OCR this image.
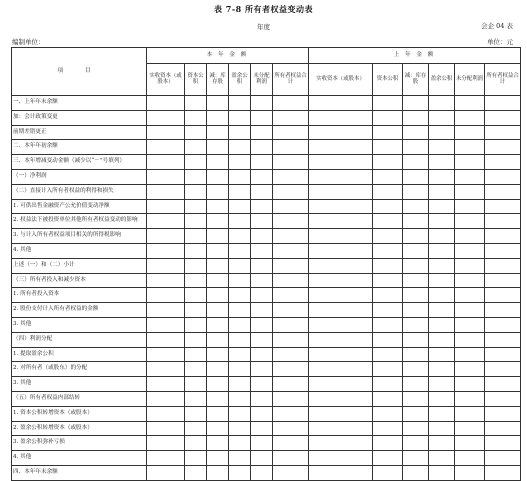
表 7-8 所有者权益变动表
年度	会企 04 表
编制单位：	单位：元
项 目	本 年 金 额						上 年 金 额					
	实收资本（或股本）	资本公积	减：库存股	盈余公积	未分配利润	所有者权益合计	实收资本（或股本）	资本公积	减：库存股	盈余公积	未分配利润	所有者权益合计
一、上年年末余额												
加：会计政策变更												
前期差错更正												
二、本年年初余额												
三、本年增减变动金额（减少以“－”号填列）												
（一）净利润												
（二）直接计入所有者权益的利得和损失												
1. 可供出售金融资产公允价值变动净额												
2. 权益法下被投资单位其他所有者权益变动的影响												
3. 与计入所有者权益项目相关的所得税影响												
4. 其他												
上述（一）和（二）小计												
（三）所有者投入和减少资本												
1. 所有者投入资本												
2. 股份支付计入所有者权益的金额												
3. 其他												
（四）利润分配												
1. 提取盈余公积												
2. 对所有者（或股东）的分配												
3. 其他												
（五）所有者权益内部结转												
1. 资本公积转增资本（或股本）												
2. 盈余公积转增资本（或股本）												
3. 盈余公积弥补亏损												
4. 其他												
四、本年年末余额												
